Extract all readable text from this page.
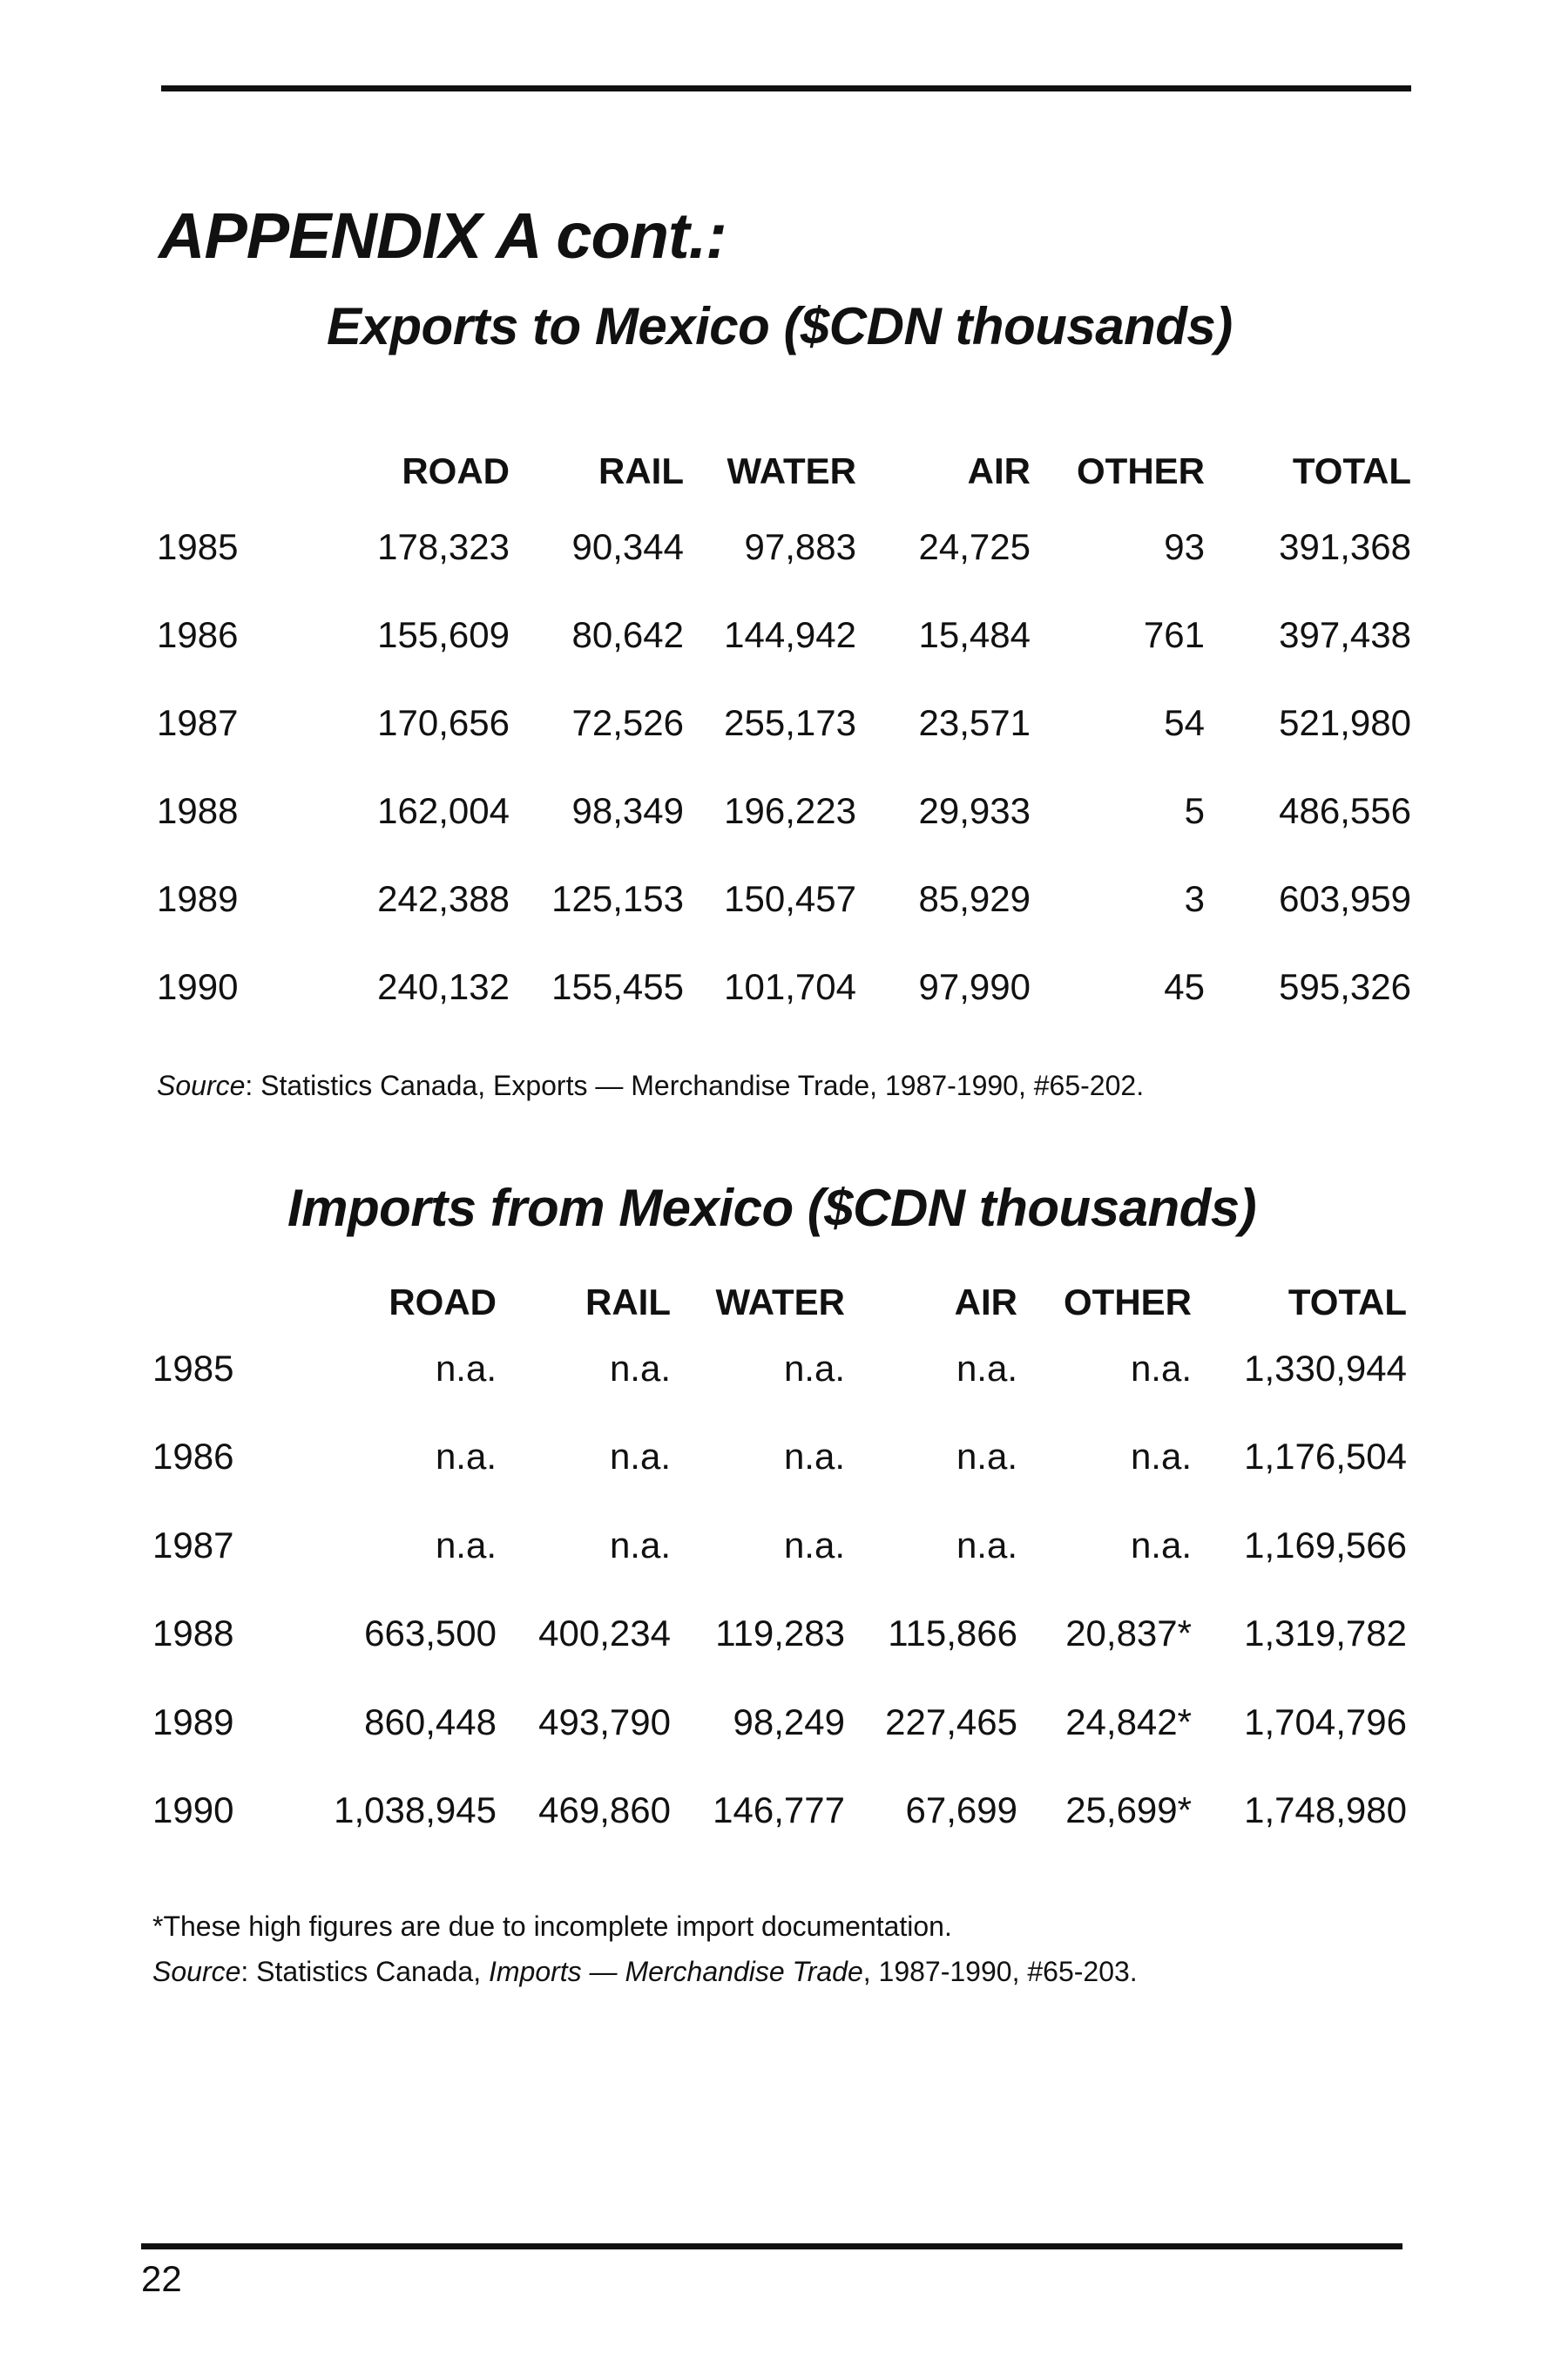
APPENDIX A cont.:
Exports to Mexico ($CDN thousands)
	ROAD	RAIL	WATER	AIR	OTHER	TOTAL
1985	178,323	90,344	97,883	24,725	93	391,368
1986	155,609	80,642	144,942	15,484	761	397,438
1987	170,656	72,526	255,173	23,571	54	521,980
1988	162,004	98,349	196,223	29,933	5	486,556
1989	242,388	125,153	150,457	85,929	3	603,959
1990	240,132	155,455	101,704	97,990	45	595,326
Source: Statistics Canada, Exports — Merchandise Trade, 1987-1990, #65-202.
Imports from Mexico ($CDN thousands)
	ROAD	RAIL	WATER	AIR	OTHER	TOTAL
1985	n.a.	n.a.	n.a.	n.a.	n.a.	1,330,944
1986	n.a.	n.a.	n.a.	n.a.	n.a.	1,176,504
1987	n.a.	n.a.	n.a.	n.a.	n.a.	1,169,566
1988	663,500	400,234	119,283	115,866	20,837*	1,319,782
1989	860,448	493,790	98,249	227,465	24,842*	1,704,796
1990	1,038,945	469,860	146,777	67,699	25,699*	1,748,980
*These high figures are due to incomplete import documentation.
Source: Statistics Canada, Imports — Merchandise Trade, 1987-1990, #65-203.
22
